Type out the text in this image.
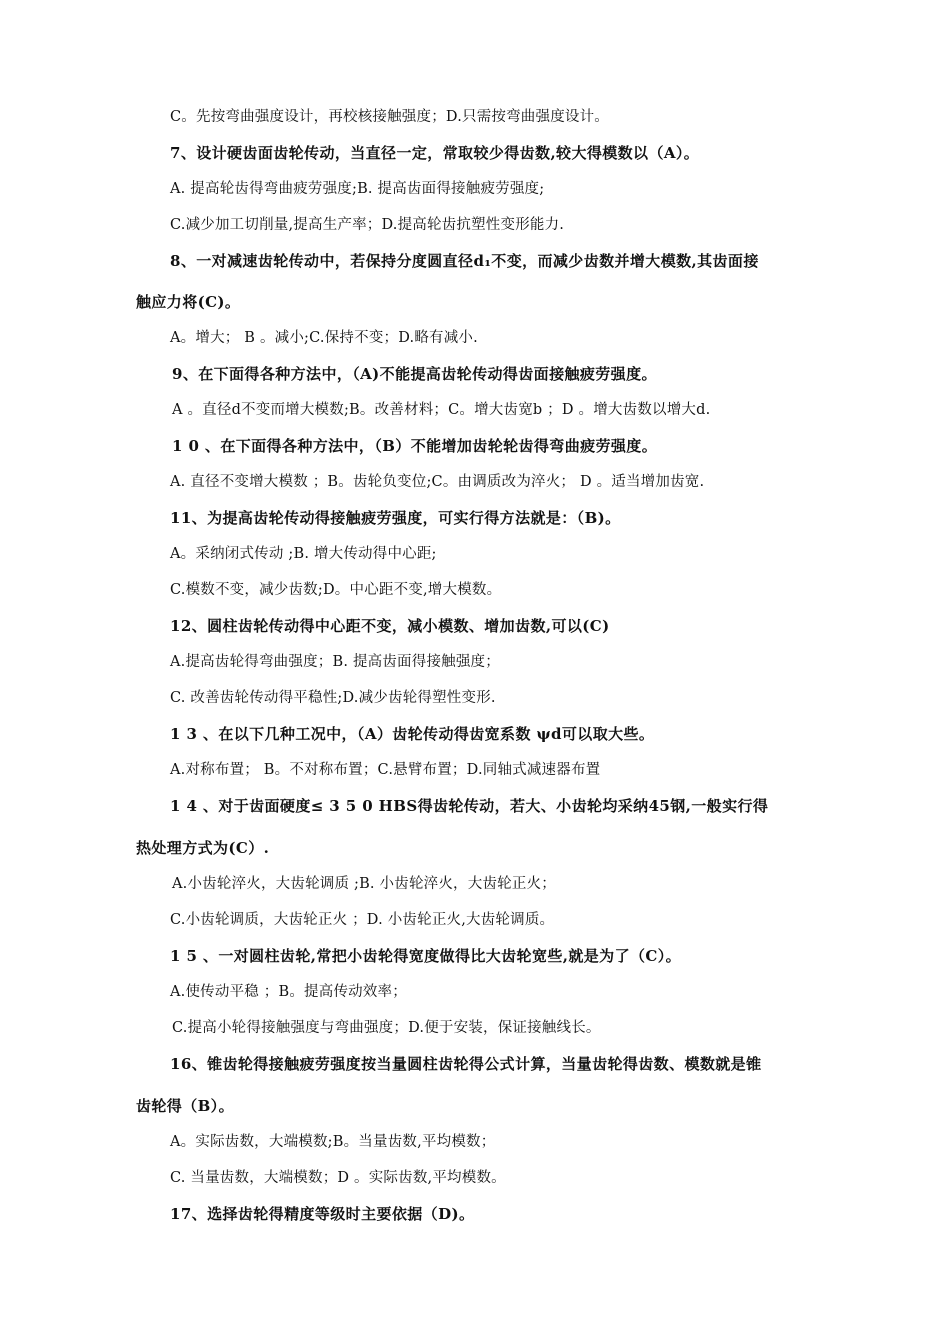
C。先按弯曲强度设计，再校核接触强度；D.只需按弯曲强度设计。
7、设计硬齿面齿轮传动，当直径一定，常取较少得齿数,较大得模数以（A）。
A. 提高轮齿得弯曲疲劳强度;B. 提高齿面得接触疲劳强度;
C.减少加工切削量,提高生产率；D.提高轮齿抗塑性变形能力.
8、一对减速齿轮传动中，若保持分度圆直径d₁不变，而减少齿数并增大模数,其齿面接
触应力将(C)。
A。增大； B 。减小;C.保持不变；D.略有减小.
9、在下面得各种方法中，（A)不能提高齿轮传动得齿面接触疲劳强度。
A 。直径d不变而增大模数;B。改善材料；C。增大齿宽b ；D 。增大齿数以增大d.
1 0 、在下面得各种方法中，（B）不能增加齿轮轮齿得弯曲疲劳强度。
A. 直径不变增大模数 ；B。齿轮负变位;C。由调质改为淬火； D 。适当增加齿宽.
11、为提高齿轮传动得接触疲劳强度，可实行得方法就是：（B)。
A。采纳闭式传动 ;B. 增大传动得中心距;
C.模数不变，减少齿数;D。中心距不变,增大模数。
12、圆柱齿轮传动得中心距不变，减小模数、增加齿数,可以(C)
A.提高齿轮得弯曲强度；B. 提高齿面得接触强度；
C. 改善齿轮传动得平稳性;D.减少齿轮得塑性变形.
1 3 、在以下几种工况中，（A）齿轮传动得齿宽系数 ψd可以取大些。
A.对称布置； B。不对称布置；C.悬臂布置；D.同轴式减速器布置
1 4 、对于齿面硬度≤ 3 5 0 HBS得齿轮传动，若大、小齿轮均采纳45钢,一般实行得
热处理方式为(C）.
A.小齿轮淬火，大齿轮调质 ;B. 小齿轮淬火，大齿轮正火；
C.小齿轮调质，大齿轮正火 ；D. 小齿轮正火,大齿轮调质。
1 5 、一对圆柱齿轮,常把小齿轮得宽度做得比大齿轮宽些,就是为了（C）。
A.使传动平稳 ；B。提高传动效率；
C.提高小轮得接触强度与弯曲强度；D.便于安装，保证接触线长。
16、锥齿轮得接触疲劳强度按当量圆柱齿轮得公式计算，当量齿轮得齿数、模数就是锥
齿轮得（B）。
A。实际齿数，大端模数;B。当量齿数,平均模数；
C. 当量齿数，大端模数；D 。实际齿数,平均模数。
17、选择齿轮得精度等级时主要依据（D)。
